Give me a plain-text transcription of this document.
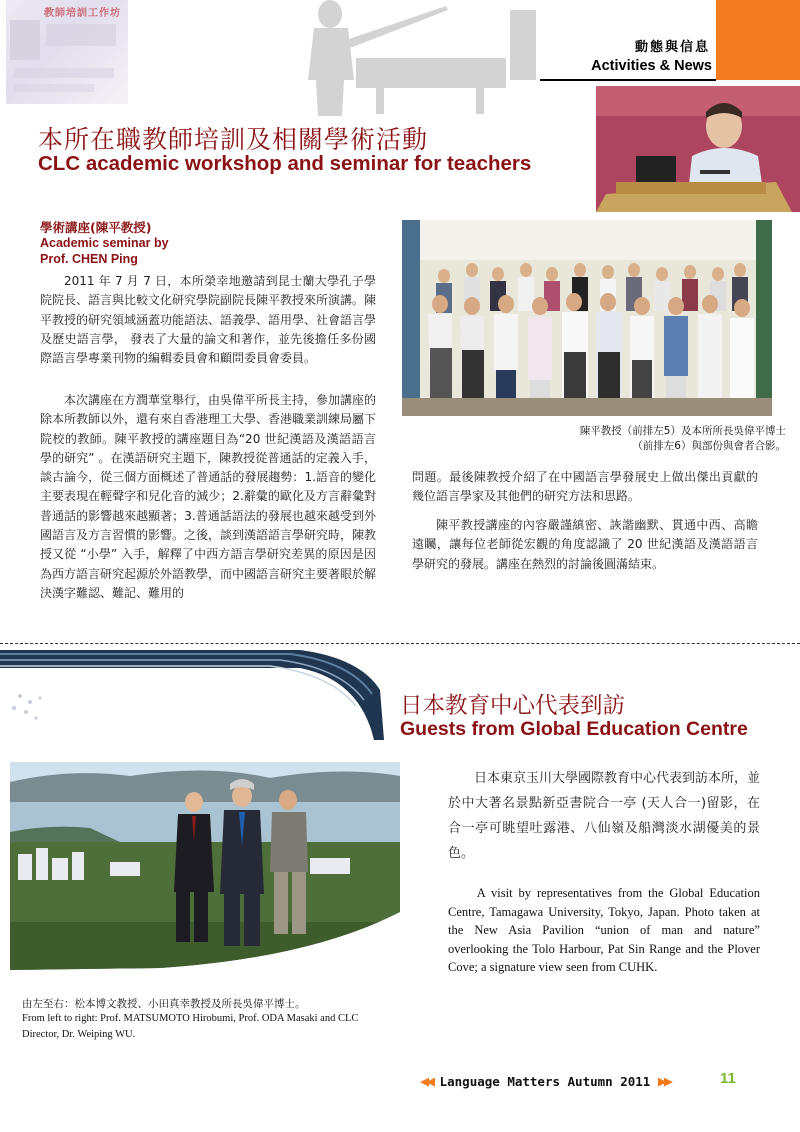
教師培訓工作坊
動態與信息
Activities & News
本所在職教師培訓及相關學術活動
CLC academic workshop and seminar for teachers
學術講座(陳平教授)
Academic seminar by
Prof. CHEN Ping
2011 年 7 月 7 日，本所榮幸地邀請到昆士蘭大學孔子學院院長、語言與比較文化研究學院副院長陳平教授來所演講。陳平教授的研究領域涵蓋功能語法、語義學、語用學、社會語言學及歷史語言學， 發表了大量的論文和著作，並先後擔任多份國際語言學專業刊物的編輯委員會和顧問委員會委員。
本次講座在方潤華堂舉行，由吳偉平所長主持，參加講座的除本所教師以外，還有來自香港理工大學、香港職業訓練局屬下院校的教師。陳平教授的講座題目為“20 世紀漢語及漢語語言學的研究” 。在漢語研究主題下，陳教授從普通話的定義入手，談古論今，從三個方面概述了普通話的發展趨勢：1.語音的變化主要表現在輕聲字和兒化音的減少；2.辭彙的歐化及方言辭彙對普通話的影響越來越顯著；3.普通話語法的發展也越來越受到外國語言及方言習慣的影響。之後，談到漢語語言學研究時，陳教授又從 “小學” 入手，解釋了中西方語言學研究差異的原因是因為西方語言研究起源於外語教學，而中國語言研究主要著眼於解決漢字難認、難記、難用的
陳平教授（前排左5）及本所所長吳偉平博士
（前排左6）與部份與會者合影。
問題。最後陳教授介紹了在中國語言學發展史上做出傑出貢獻的幾位語言學家及其他們的研究方法和思路。
陳平教授講座的內容嚴謹縝密、詼諧幽默、貫通中西、高瞻遠矚，讓每位老師從宏觀的角度認識了 20 世紀漢語及漢語語言學研究的發展。講座在熱烈的討論後圓滿結束。
日本教育中心代表到訪
Guests from Global Education Centre
日本東京玉川大學國際教育中心代表到訪本所，並於中大著名景點新亞書院合一亭 (天人合一)留影，在合一亭可眺望吐露港、八仙嶺及船灣淡水湖優美的景色。
A visit by representatives from the Global Education Centre, Tamagawa University, Tokyo, Japan. Photo taken at the New Asia Pavilion “union of man and nature” overlooking the Tolo Harbour, Pat Sin Range and the Plover Cove; a signature view seen from CUHK.
由左至右：松本博文教授、小田真幸教授及所長吳偉平博士。
From left to right: Prof. MATSUMOTO Hirobumi, Prof. ODA Masaki and CLC Director, Dr. Weiping WU.
◀◀ Language Matters Autumn 2011 ▶▶	11
